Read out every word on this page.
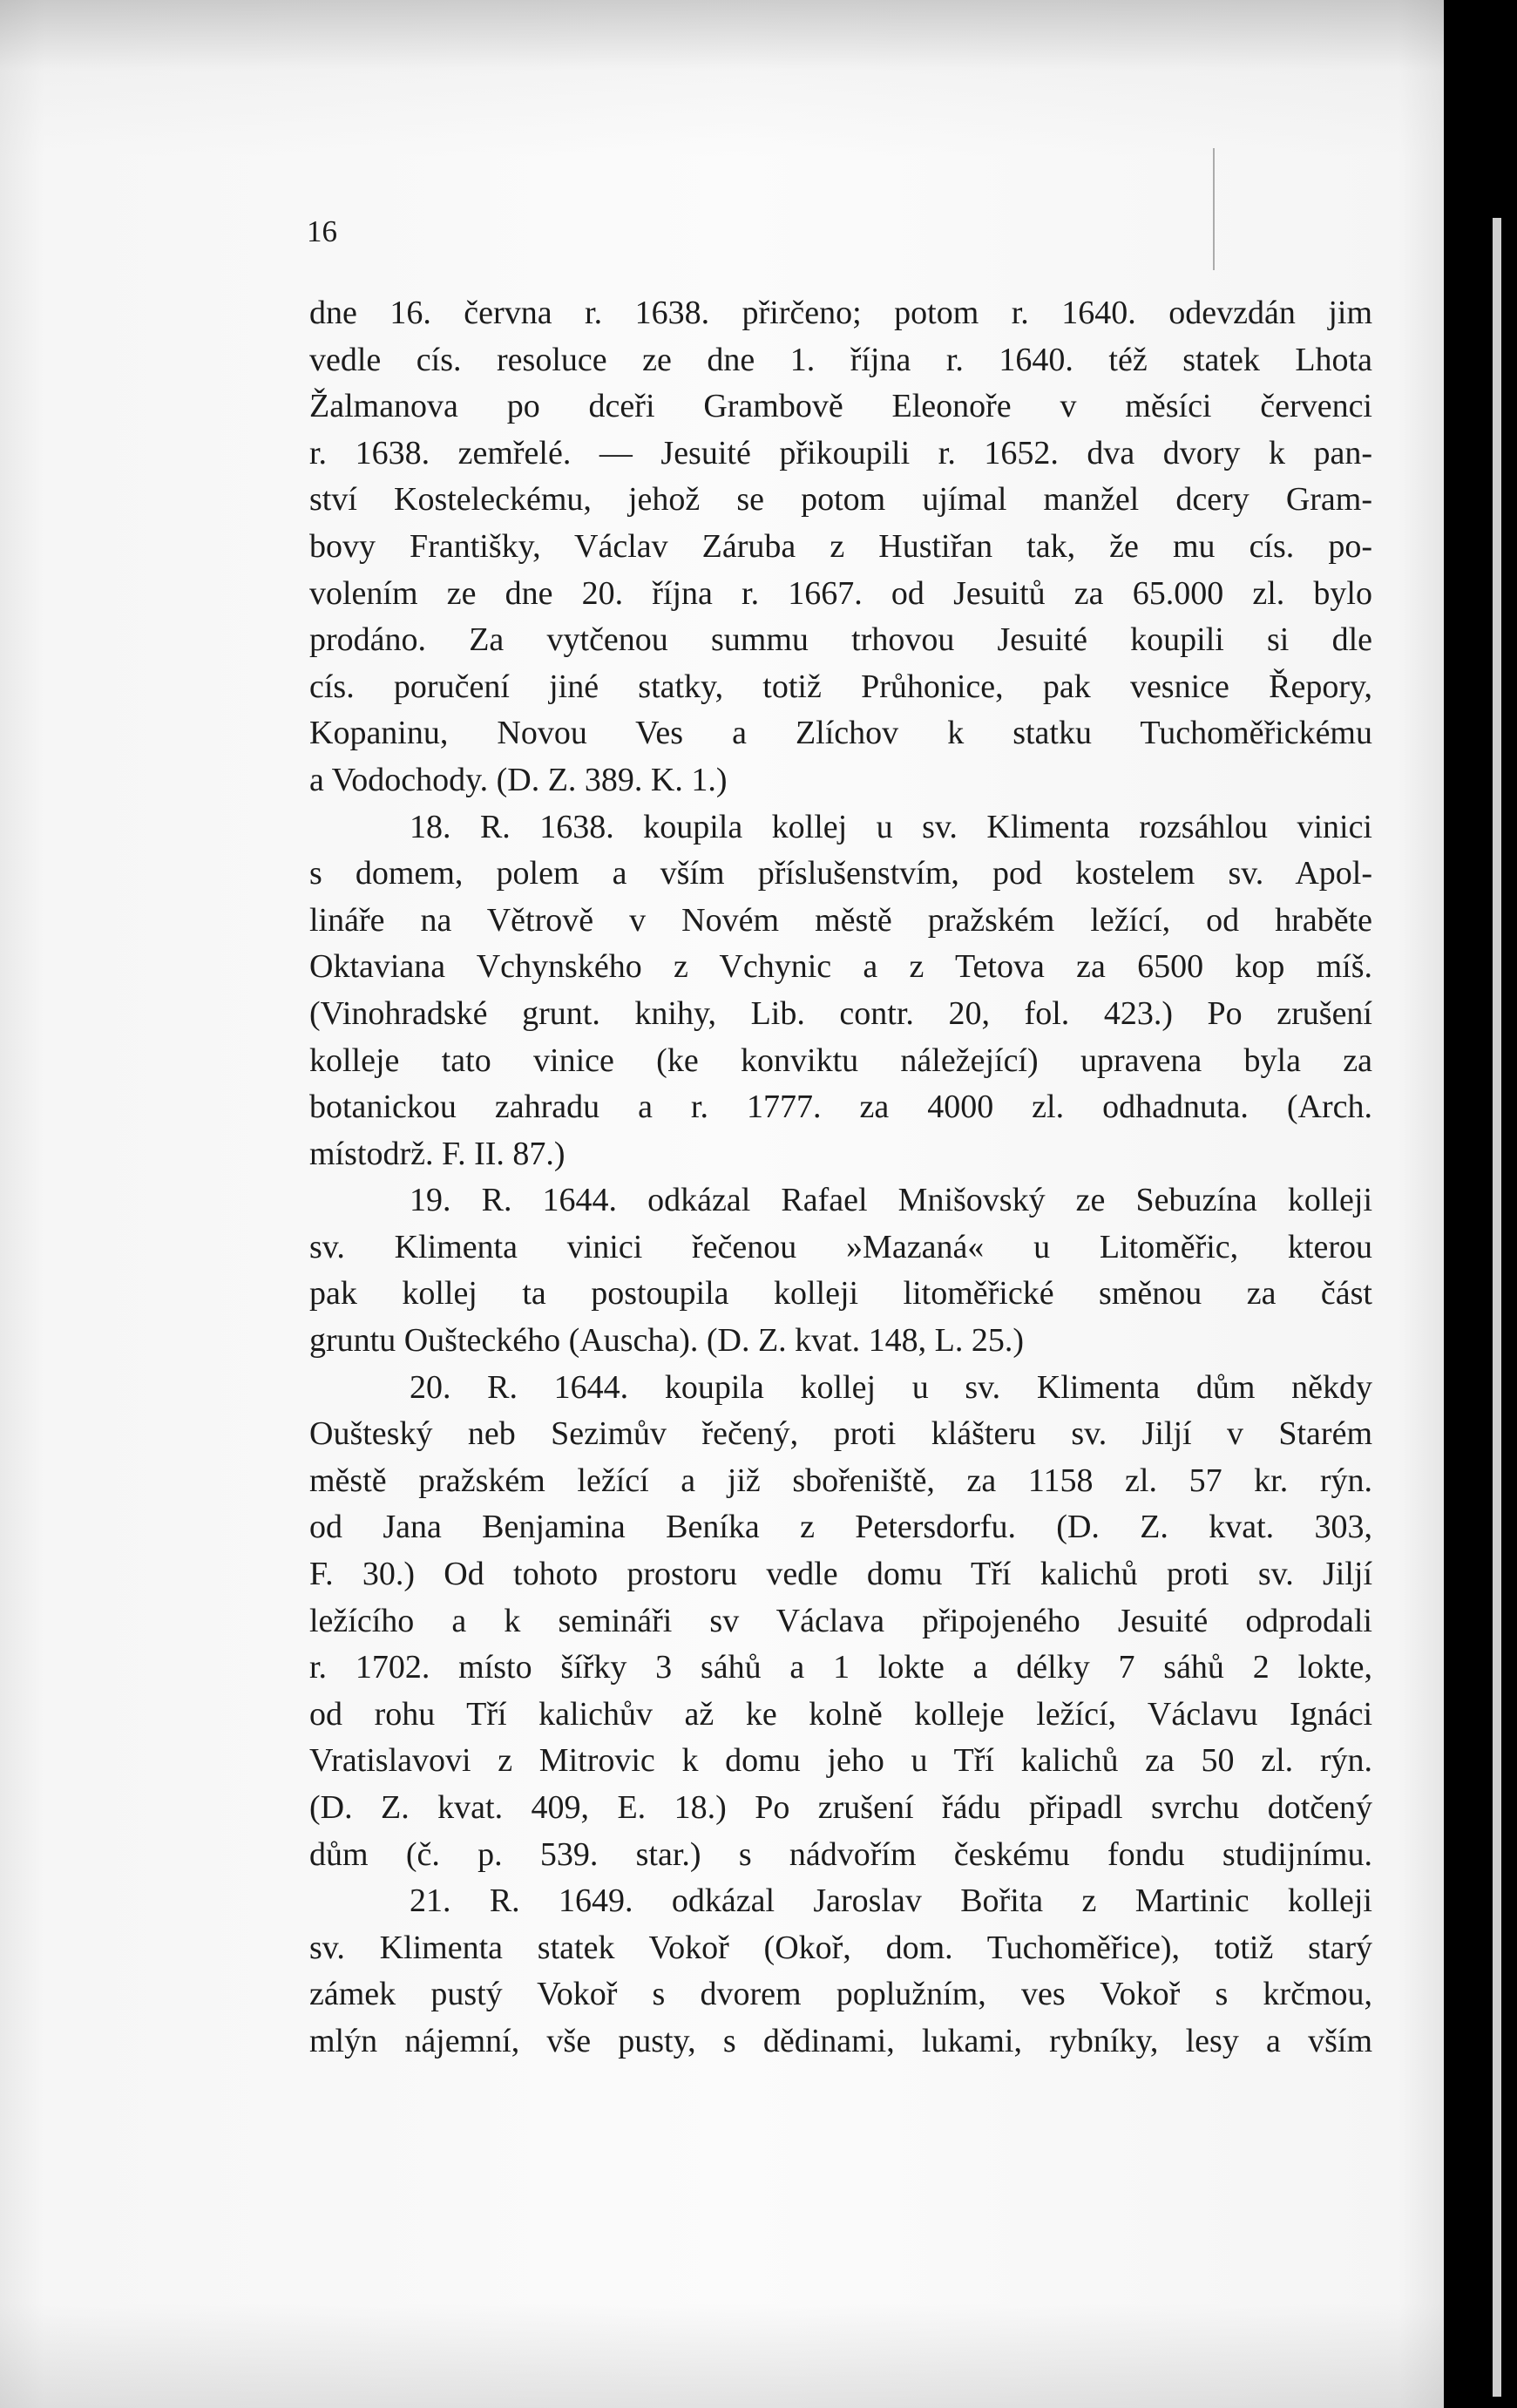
16
dne 16. června r. 1638. přirčeno; potom r. 1640. odevzdán jim
vedle cís. resoluce ze dne 1. října r. 1640. též statek Lhota
Žalmanova po dceři Grambově Eleonoře v měsíci červenci
r. 1638. zemřelé. — Jesuité přikoupili r. 1652. dva dvory k pan-
ství Kosteleckému, jehož se potom ujímal manžel dcery Gram-
bovy Františky, Václav Záruba z Hustiřan tak, že mu cís. po-
volením ze dne 20. října r. 1667. od Jesuitů za 65.000 zl. bylo
prodáno. Za vytčenou summu trhovou Jesuité koupili si dle
cís. poručení jiné statky, totiž Průhonice, pak vesnice Řepory,
Kopaninu, Novou Ves a Zlíchov k statku Tuchoměřickému
a Vodochody. (D. Z. 389. K. 1.)
18. R. 1638. koupila kollej u sv. Klimenta rozsáhlou vinici
s domem, polem a vším příslušenstvím, pod kostelem sv. Apol-
lináře na Větrově v Novém městě pražském ležící, od hraběte
Oktaviana Vchynského z Vchynic a z Tetova za 6500 kop míš.
(Vinohradské grunt. knihy, Lib. contr. 20, fol. 423.) Po zrušení
kolleje tato vinice (ke konviktu náležející) upravena byla za
botanickou zahradu a r. 1777. za 4000 zl. odhadnuta. (Arch.
místodrž. F. II. 87.)
19. R. 1644. odkázal Rafael Mnišovský ze Sebuzína kolleji
sv. Klimenta vinici řečenou »Mazaná« u Litoměřic, kterou
pak kollej ta postoupila kolleji litoměřické směnou za část
gruntu Oušteckého (Auscha). (D. Z. kvat. 148, L. 25.)
20. R. 1644. koupila kollej u sv. Klimenta dům někdy
Oušteský neb Sezimův řečený, proti klášteru sv. Jiljí v Starém
městě pražském ležící a již sbořeniště, za 1158 zl. 57 kr. rýn.
od Jana Benjamina Beníka z Petersdorfu. (D. Z. kvat. 303,
F. 30.) Od tohoto prostoru vedle domu Tří kalichů proti sv. Jiljí
ležícího a k semináři sv Václava připojeného Jesuité odprodali
r. 1702. místo šířky 3 sáhů a 1 lokte a délky 7 sáhů 2 lokte,
od rohu Tří kalichův až ke kolně kolleje ležící, Václavu Ignáci
Vratislavovi z Mitrovic k domu jeho u Tří kalichů za 50 zl. rýn.
(D. Z. kvat. 409, E. 18.) Po zrušení řádu připadl svrchu dotčený
dům (č. p. 539. star.) s nádvořím českému fondu studijnímu.
21. R. 1649. odkázal Jaroslav Bořita z Martinic kolleji
sv. Klimenta statek Vokoř (Okoř, dom. Tuchoměřice), totiž starý
zámek pustý Vokoř s dvorem poplužním, ves Vokoř s krčmou,
mlýn nájemní, vše pusty, s dědinami, lukami, rybníky, lesy a vším
